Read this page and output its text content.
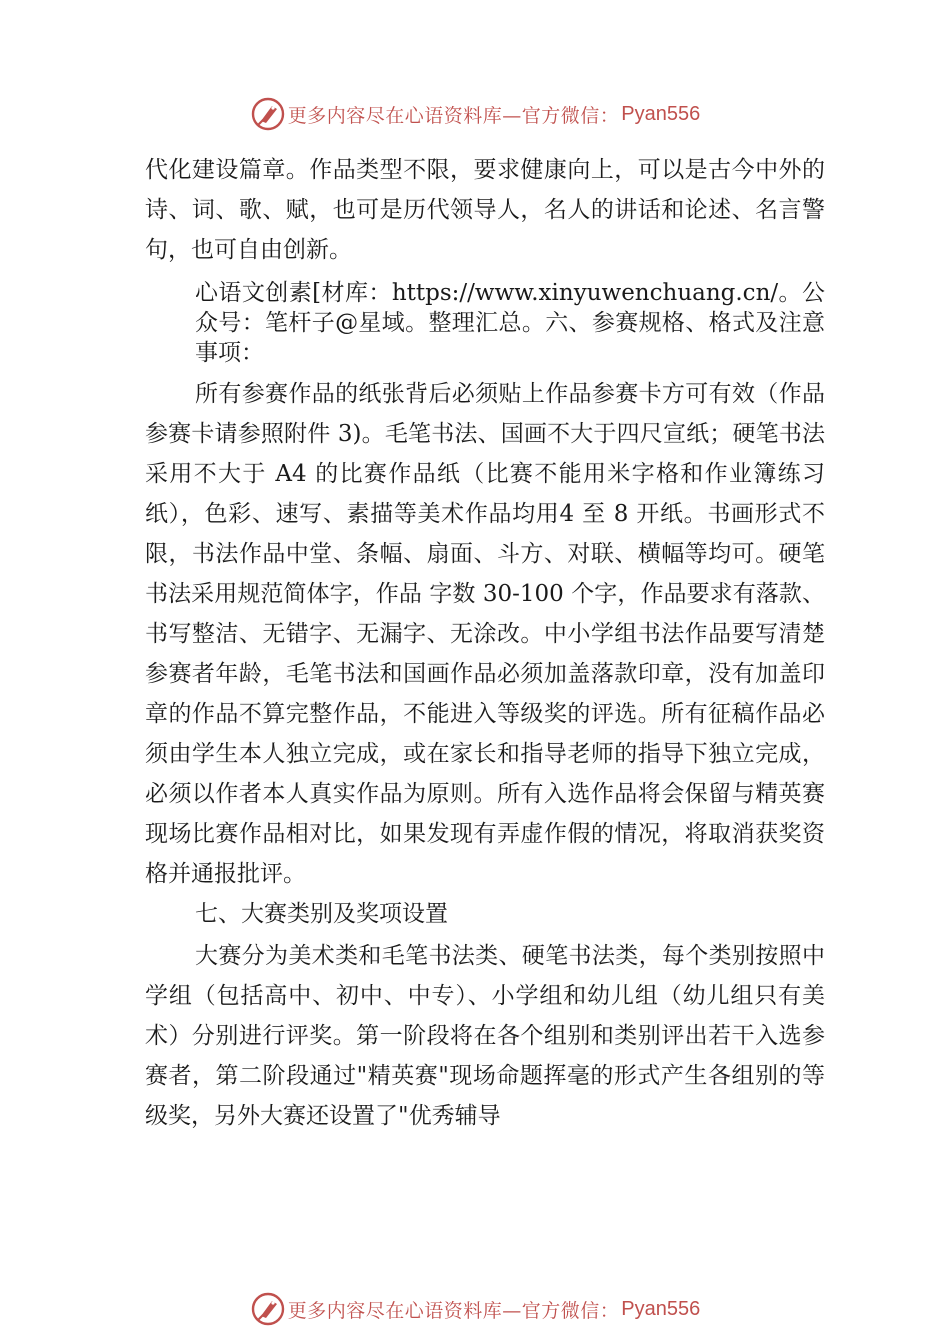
更多内容尽在心语资料库—官方微信： Pyan556

代化建设篇章。作品类型不限，要求健康向上，可以是古今中外的诗、词、歌、赋，也可是历代领导人，名人的讲话和论述、名言警句，也可自由创新。

心语文创素[材库：https://www.xinyuwenchuang.cn/。公众号：笔杆子@星域。整理汇总。六、参赛规格、格式及注意事项：

所有参赛作品的纸张背后必须贴上作品参赛卡方可有效（作品参赛卡请参照附件 3)。毛笔书法、国画不大于四尺宣纸；硬笔书法采用不大于 A4 的比赛作品纸（比赛不能用米字格和作业簿练习纸），色彩、速写、素描等美术作品均用4 至 8 开纸。书画形式不限，书法作品中堂、条幅、扇面、斗方、对联、横幅等均可。硬笔书法采用规范简体字，作品 字数 30-100 个字，作品要求有落款、书写整洁、无错字、无漏字、无涂改。中小学组书法作品要写清楚参赛者年龄，毛笔书法和国画作品必须加盖落款印章，没有加盖印章的作品不算完整作品，不能进入等级奖的评选。所有征稿作品必须由学生本人独立完成，或在家长和指导老师的指导下独立完成，必须以作者本人真实作品为原则。所有入选作品将会保留与精英赛现场比赛作品相对比，如果发现有弄虚作假的情况，将取消获奖资格并通报批评。

七、大赛类别及奖项设置

大赛分为美术类和毛笔书法类、硬笔书法类，每个类别按照中学组（包括高中、初中、中专）、小学组和幼儿组（幼儿组只有美术）分别进行评奖。第一阶段将在各个组别和类别评出若干入选参赛者，第二阶段通过"精英赛"现场命题挥毫的形式产生各组别的等级奖，另外大赛还设置了"优秀辅导

更多内容尽在心语资料库—官方微信： Pyan556
